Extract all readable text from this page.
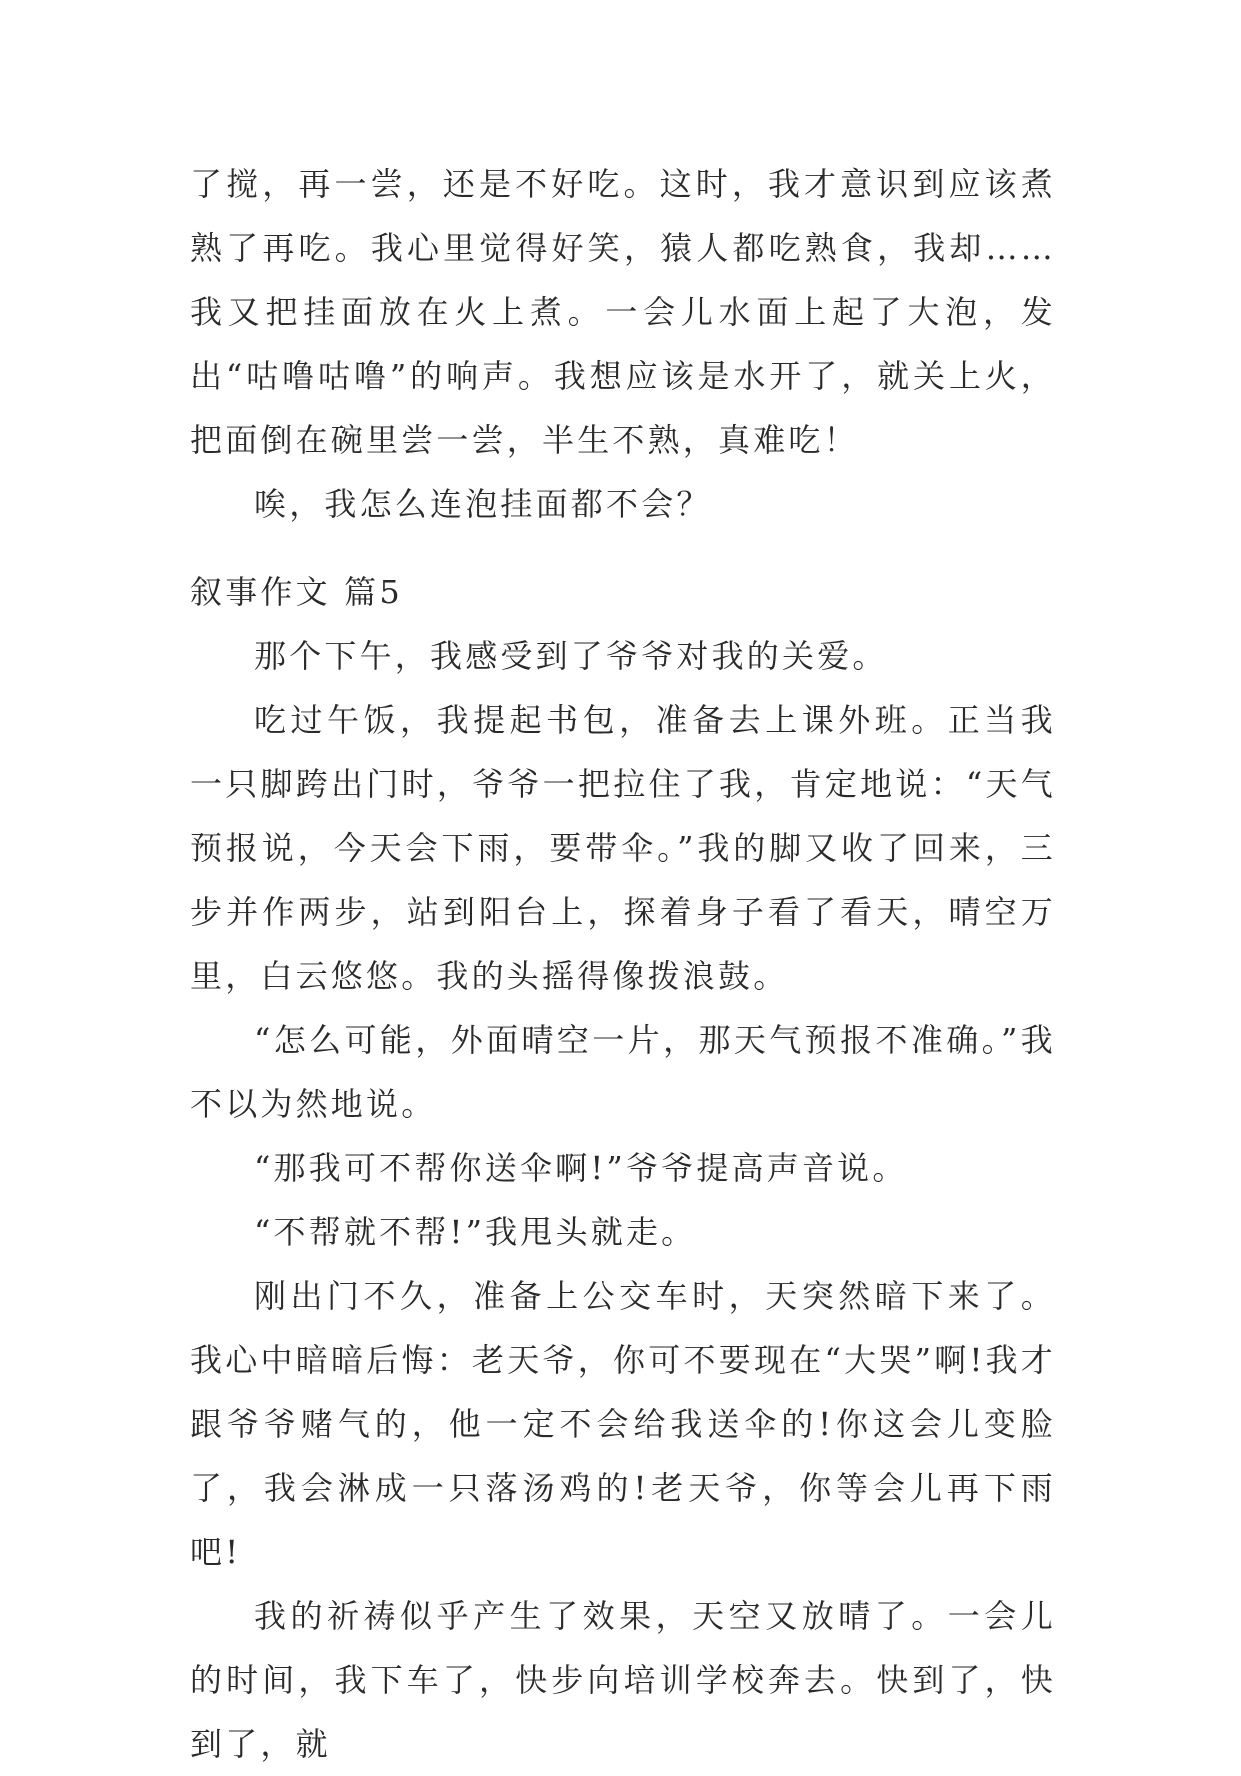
了搅，再一尝，还是不好吃。这时，我才意识到应该煮熟了再吃。我心里觉得好笑，猿人都吃熟食，我却……我又把挂面放在火上煮。一会儿水面上起了大泡，发出“咕噜咕噜”的响声。我想应该是水开了，就关上火，把面倒在碗里尝一尝，半生不熟，真难吃！

唉，我怎么连泡挂面都不会？

叙事作文 篇5

那个下午，我感受到了爷爷对我的关爱。

吃过午饭，我提起书包，准备去上课外班。正当我一只脚跨出门时，爷爷一把拉住了我，肯定地说：“天气预报说，今天会下雨，要带伞。”我的脚又收了回来，三步并作两步，站到阳台上，探着身子看了看天，晴空万里，白云悠悠。我的头摇得像拨浪鼓。

“怎么可能，外面晴空一片，那天气预报不准确。”我不以为然地说。

“那我可不帮你送伞啊!”爷爷提高声音说。

“不帮就不帮!”我甩头就走。

刚出门不久，准备上公交车时，天突然暗下来了。我心中暗暗后悔：老天爷，你可不要现在“大哭”啊!我才跟爷爷赌气的，他一定不会给我送伞的!你这会儿变脸了，我会淋成一只落汤鸡的!老天爷，你等会儿再下雨吧!

我的祈祷似乎产生了效果，天空又放晴了。一会儿的时间，我下车了，快步向培训学校奔去。快到了，快到了，就
